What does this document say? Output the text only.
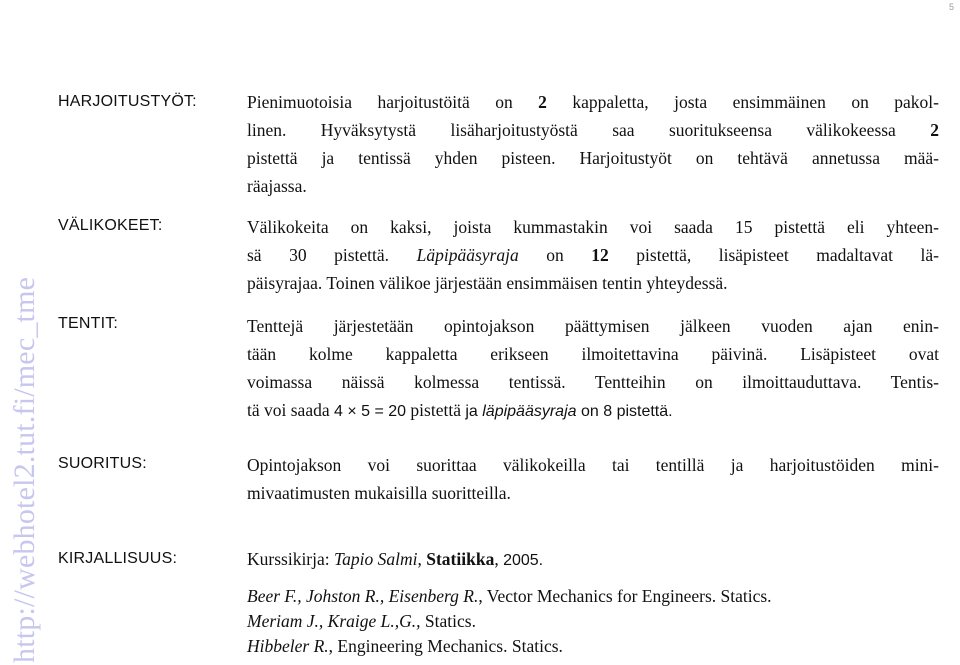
5
http://webhotel2.tut.fi/mec_tme
HARJOITUSTYÖT:	Pienimuotoisia harjoitustöitä on 2 kappaletta, josta ensimmäinen on pakol-
linen. Hyväksytystä lisäharjoitustyöstä saa suoritukseensa välikokeessa 2
pistettä ja tentissä yhden pisteen. Harjoitustyöt on tehtävä annetussa mää-
räajassa.
VÄLIKOKEET:	Välikokeita on kaksi, joista kummastakin voi saada 15 pistettä eli yhteen-
sä 30 pistettä. Läpipääsyraja on 12 pistettä, lisäpisteet madaltavat lä-
päisyrajaa. Toinen välikoe järjestään ensimmäisen tentin yhteydessä.
TENTIT:	Tenttejä järjestetään opintojakson päättymisen jälkeen vuoden ajan enin-
tään kolme kappaletta erikseen ilmoitettavina päivinä. Lisäpisteet ovat
voimassa näissä kolmessa tentissä. Tentteihin on ilmoittauduttava. Tentis-
tä voi saada 4 × 5 = 20 pistettä ja läpipääsyraja on 8 pistettä.
SUORITUS:	Opintojakson voi suorittaa välikokeilla tai tentillä ja harjoitustöiden mini-
mivaatimusten mukaisilla suoritteilla.
KIRJALLISUUS:	Kurssikirja: Tapio Salmi, Statiikka, 2005.
Beer F., Johston R., Eisenberg R., Vector Mechanics for Engineers. Statics.
Meriam J., Kraige L.,G., Statics.
Hibbeler R., Engineering Mechanics. Statics.
